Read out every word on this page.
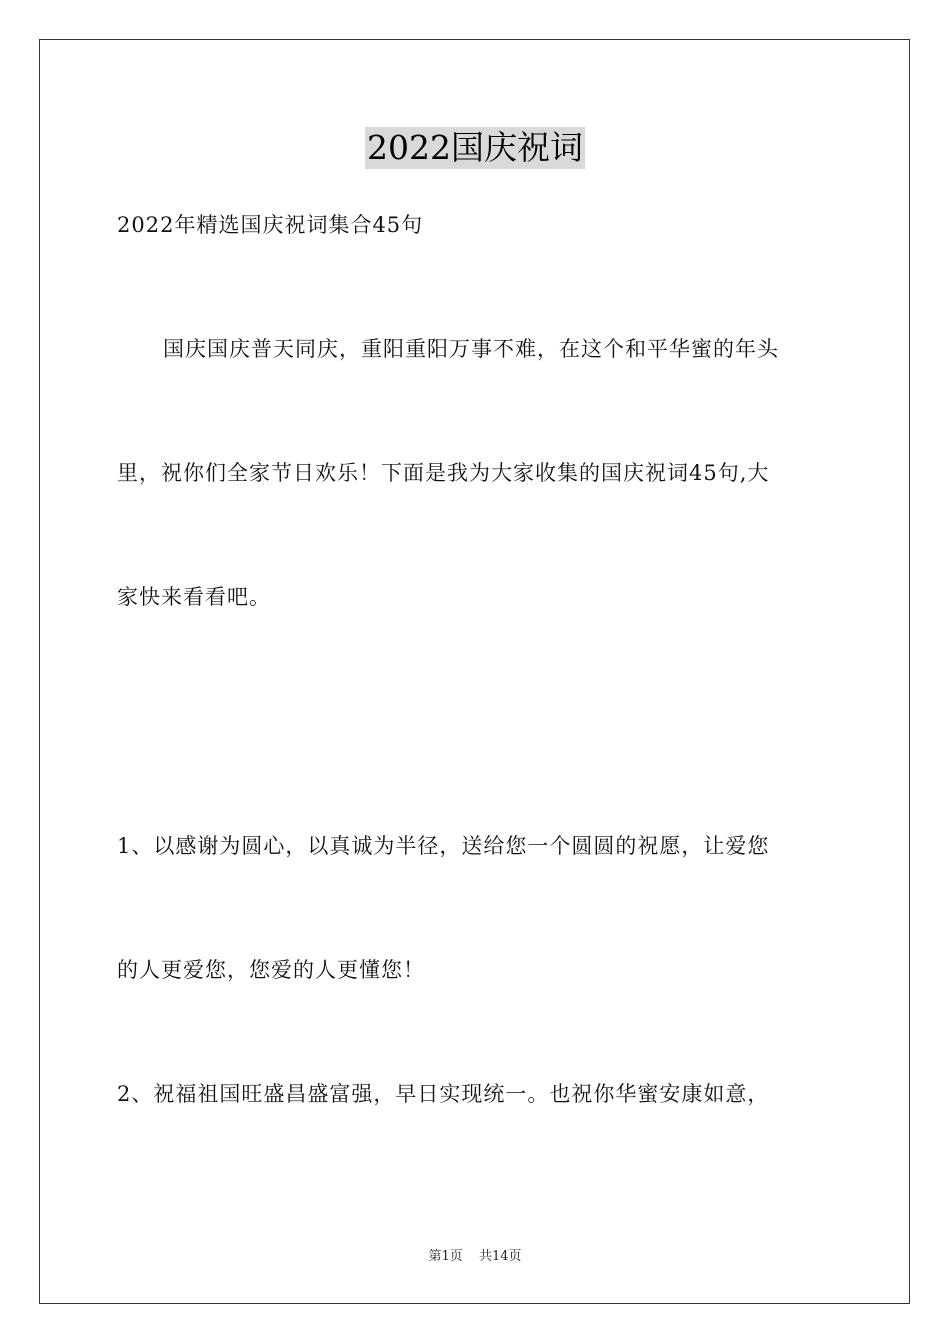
2022国庆祝词
2022年精选国庆祝词集合45句
国庆国庆普天同庆，重阳重阳万事不难，在这个和平华蜜的年头
里，祝你们全家节日欢乐！下面是我为大家收集的国庆祝词45句,大
家快来看看吧。
1、以感谢为圆心，以真诚为半径，送给您一个圆圆的祝愿，让爱您
的人更爱您，您爱的人更懂您！
2、祝福祖国旺盛昌盛富强，早日实现统一。也祝你华蜜安康如意，
第1页 共14页
